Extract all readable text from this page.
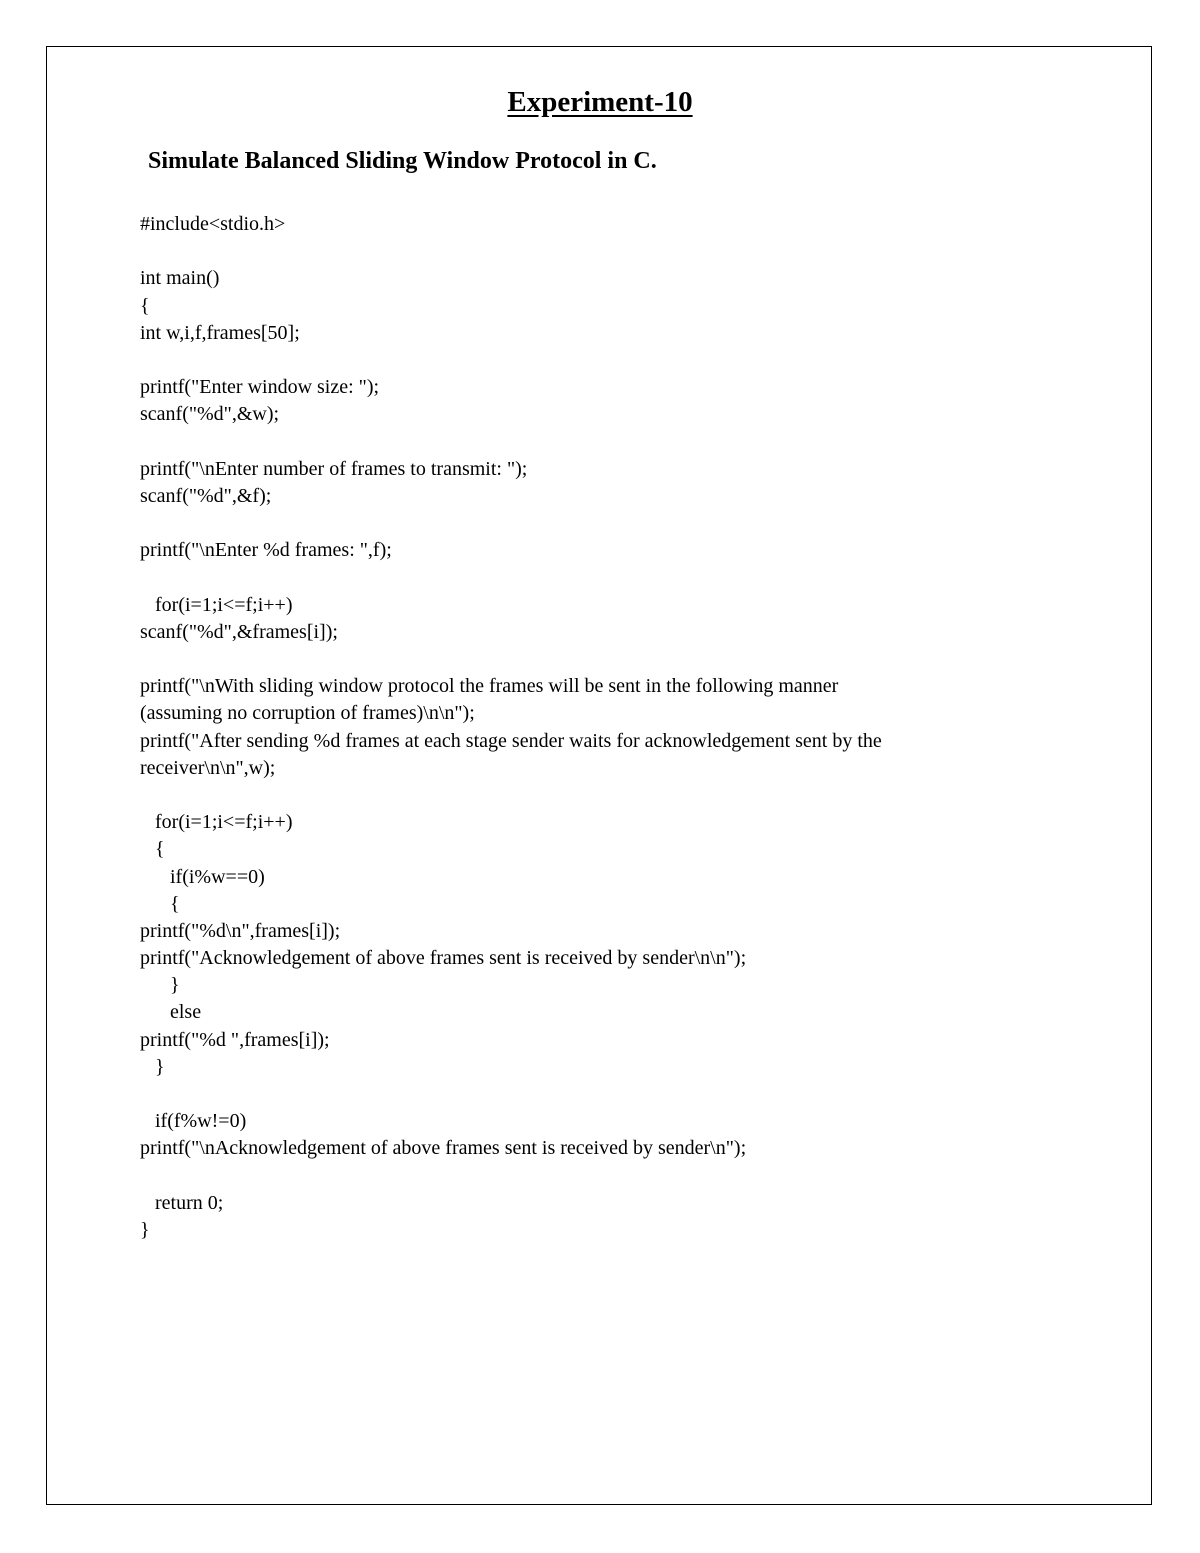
Experiment-10
Simulate Balanced Sliding Window Protocol in C.
#include<stdio.h>
int main()
{
int w,i,f,frames[50];
printf("Enter window size: ");
scanf("%d",&w);
printf("\nEnter number of frames to transmit: ");
scanf("%d",&f);
printf("\nEnter %d frames: ",f);
for(i=1;i<=f;i++)
scanf("%d",&frames[i]);
printf("\nWith sliding window protocol the frames will be sent in the following manner
(assuming no corruption of frames)\n\n");
printf("After sending %d frames at each stage sender waits for acknowledgement sent by the
receiver\n\n",w);
for(i=1;i<=f;i++)
{
if(i%w==0)
{
printf("%d\n",frames[i]);
printf("Acknowledgement of above frames sent is received by sender\n\n");
}
else
printf("%d ",frames[i]);
}
if(f%w!=0)
printf("\nAcknowledgement of above frames sent is received by sender\n");
return 0;
}
